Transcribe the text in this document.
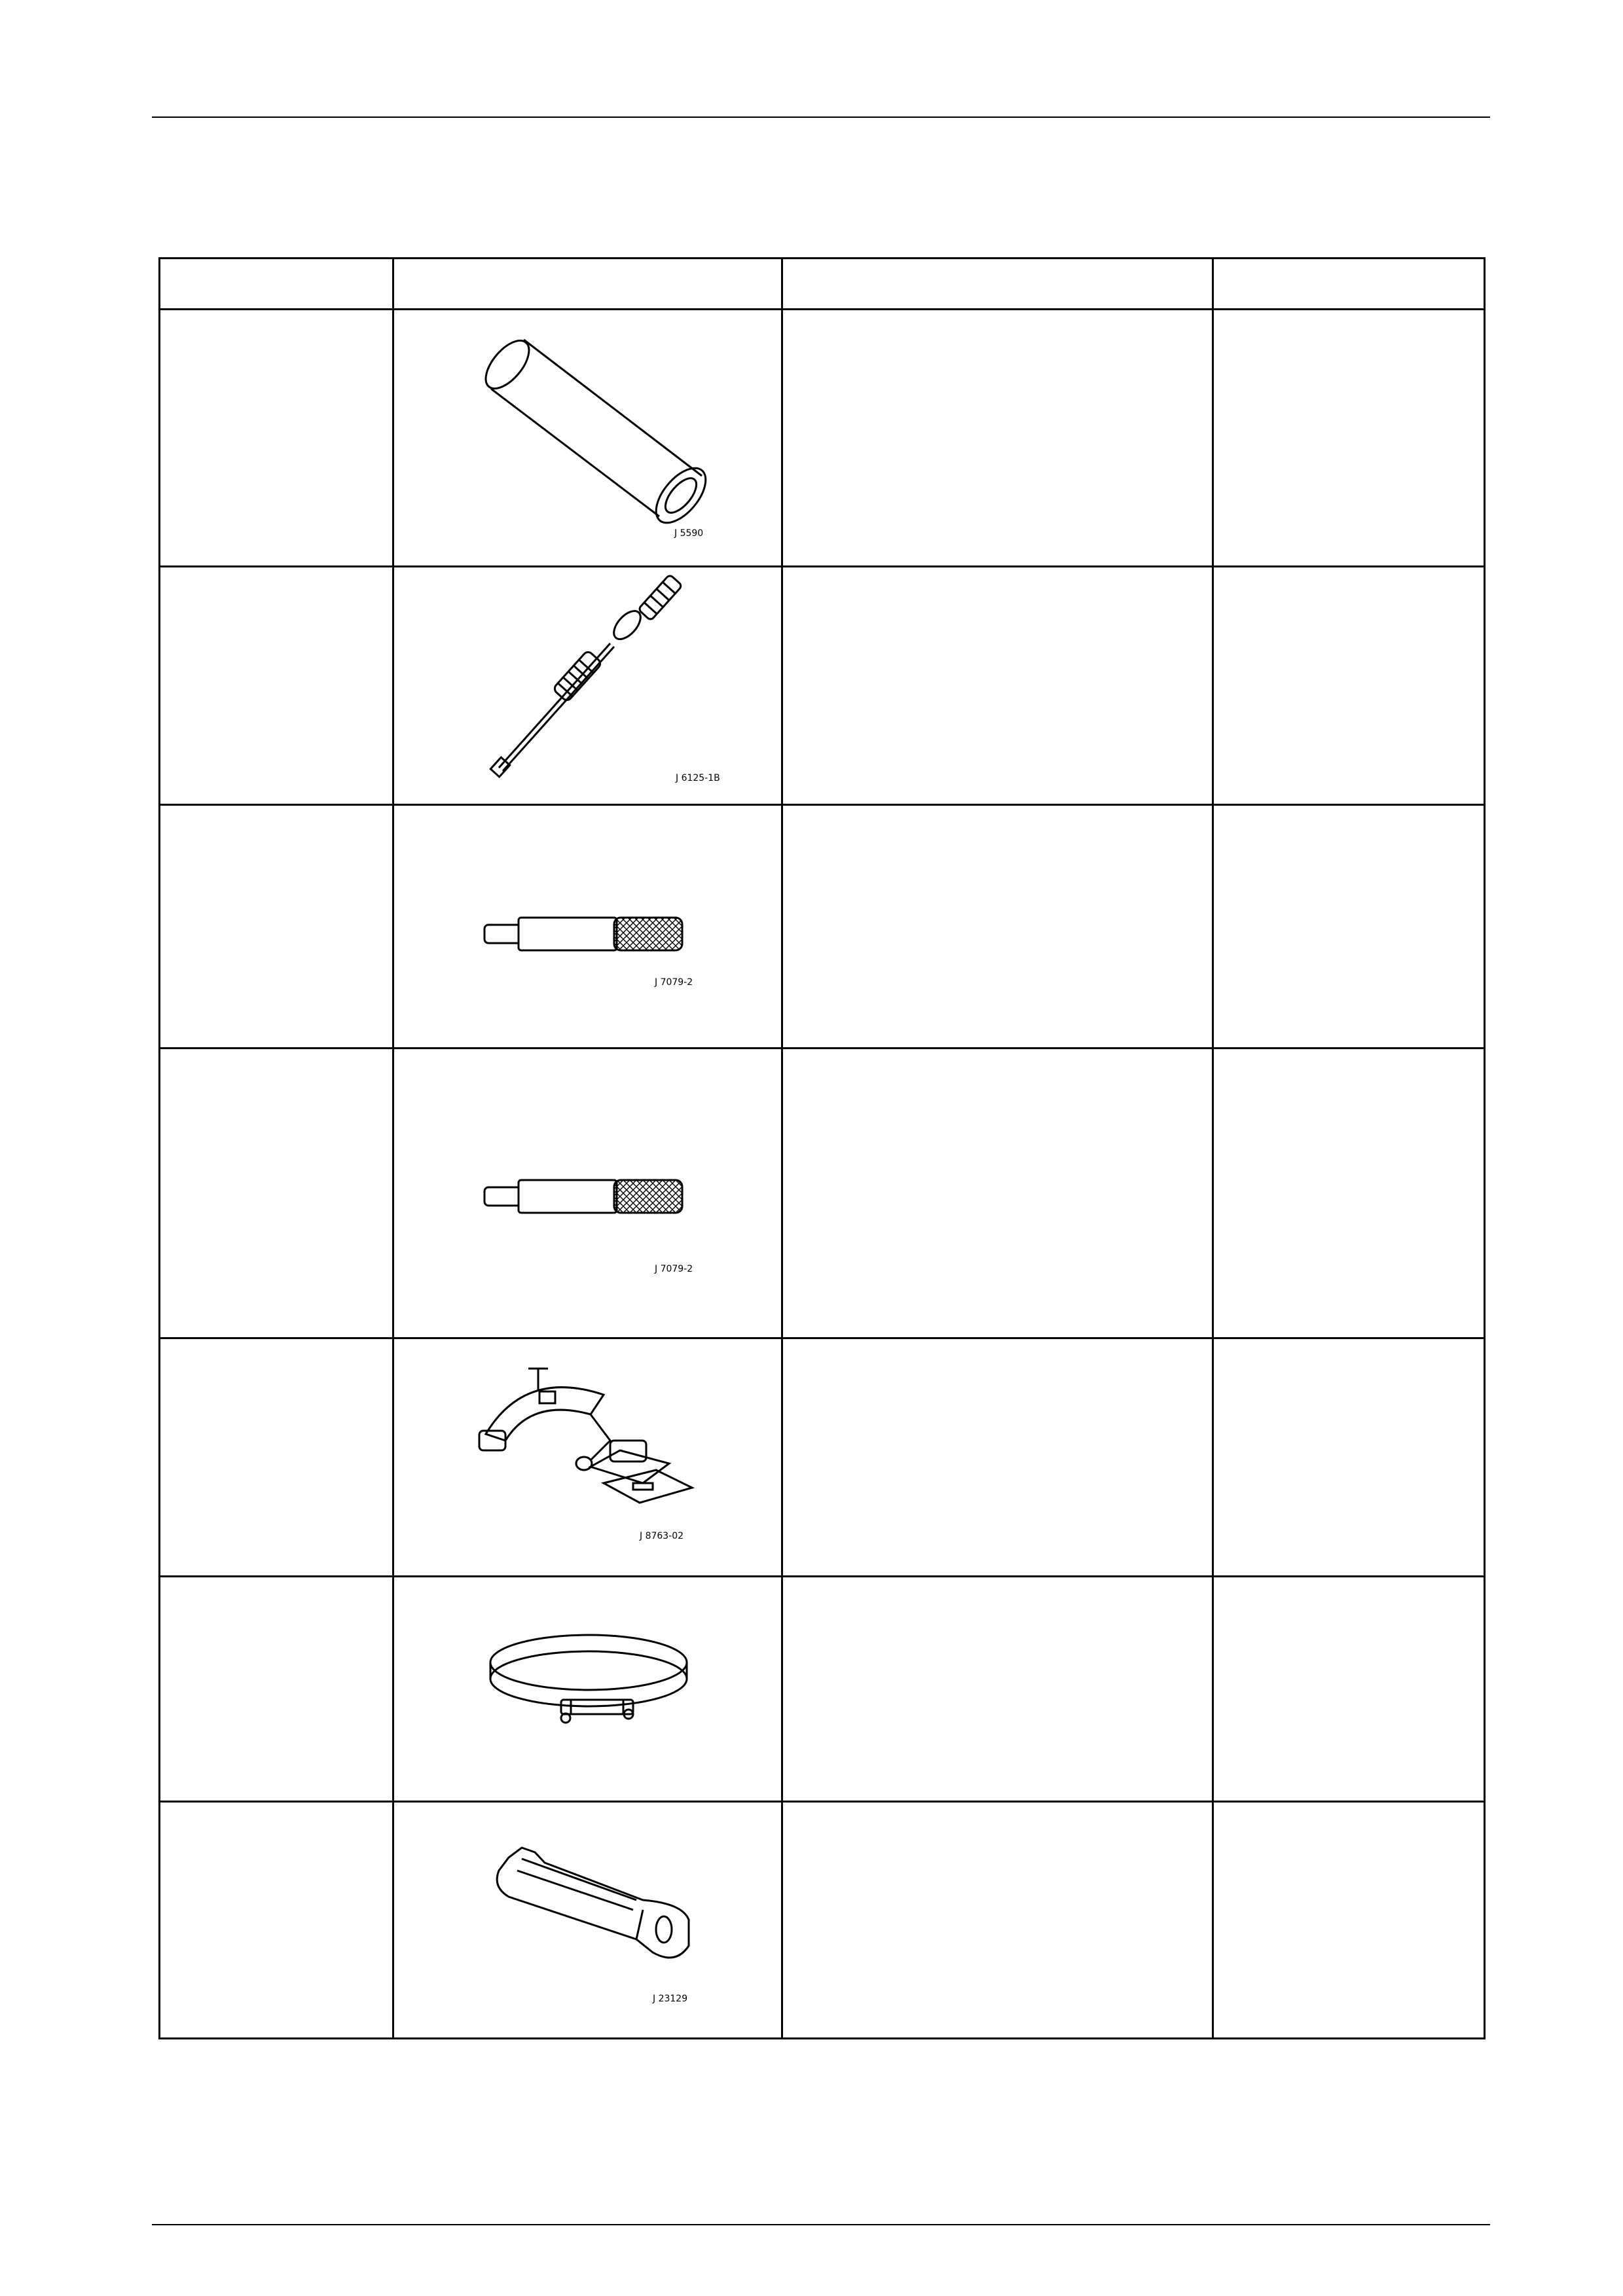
J 5590		

J 6125-1B		

J 7079-2		

J 7079-2		

J 8763-02		

J 23129		
